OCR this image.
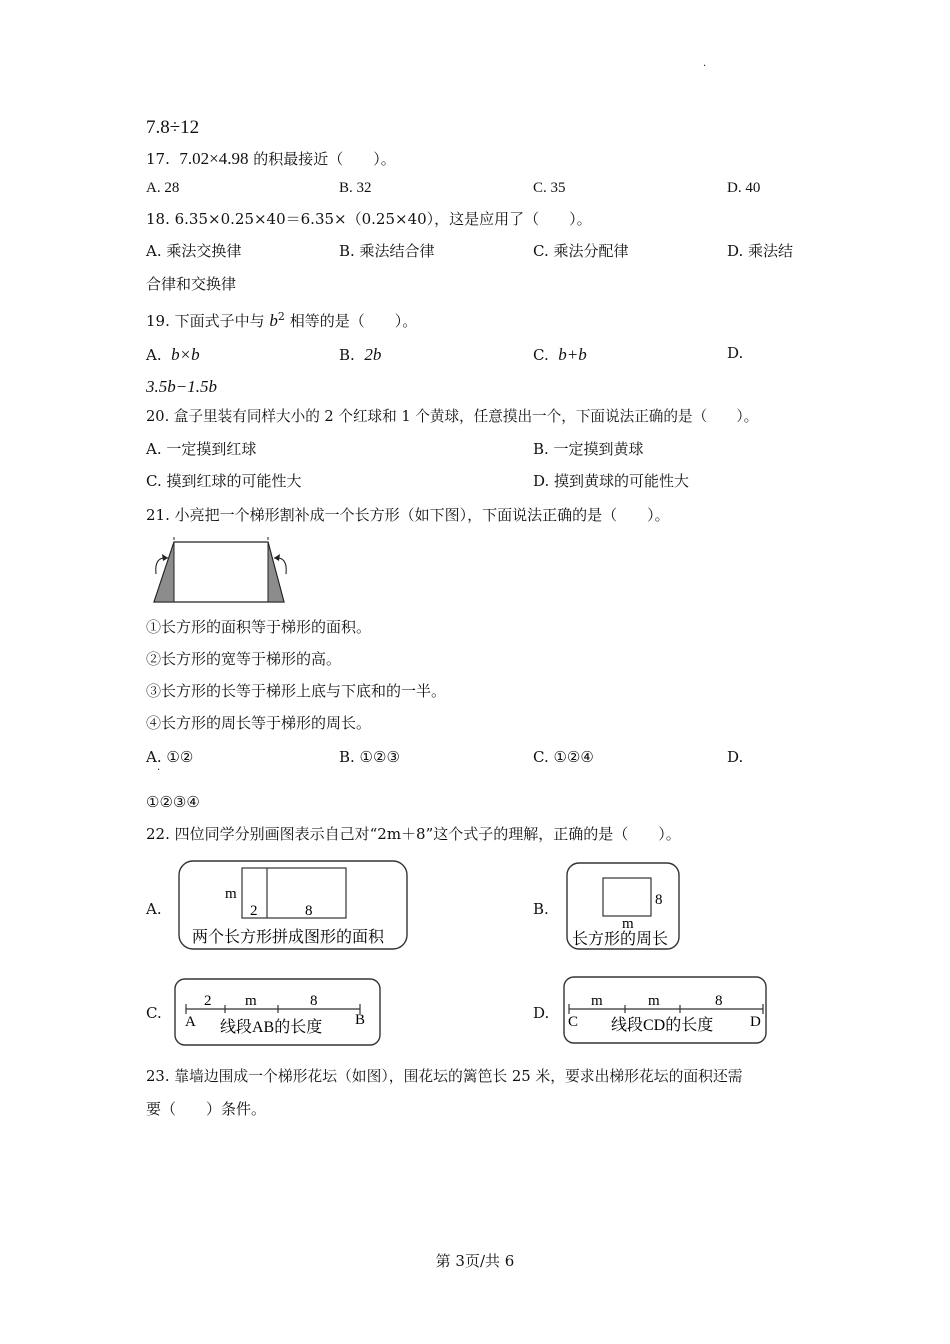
·
7.8÷12
17. 7.02×4.98 的积最接近（　　）。
A. 28	B. 32	C. 35	D. 40
18. 6.35×0.25×40＝6.35×（0.25×40），这是应用了（　　）。
A. 乘法交换律	B. 乘法结合律	C. 乘法分配律	D. 乘法结
合律和交换律
19. 下面式子中与 $b^2$ 相等的是（　　）。
A. b×b	B. 2b	C. b+b	D.
3.5b−1.5b
20. 盒子里装有同样大小的 2 个红球和 1 个黄球，任意摸出一个，下面说法正确的是（　　）。
A. 一定摸到红球	B. 一定摸到黄球
C. 摸到红球的可能性大	D. 摸到黄球的可能性大
21. 小亮把一个梯形割补成一个长方形（如下图），下面说法正确的是（　　）。
①长方形的面积等于梯形的面积。
②长方形的宽等于梯形的高。
③长方形的长等于梯形上底与下底和的一半。
④长方形的周长等于梯形的周长。
A. ①②	B. ①②③	C. ①②④	D.
·
①②③④
22. 四位同学分别画图表示自己对“2m＋8”这个式子的理解，正确的是（　　）。
A.
m
2	8
两个长方形拼成图形的面积
B.	8
m
长方形的周长
C.
2 m	8
A	B
线段AB的长度
D.
m	m	8
C	D
线段CD的长度
23. 靠墙边围成一个梯形花坛（如图），围花坛的篱笆长 25 米，要求出梯形花坛的面积还需
要（　　）条件。
第 3页/共 6
